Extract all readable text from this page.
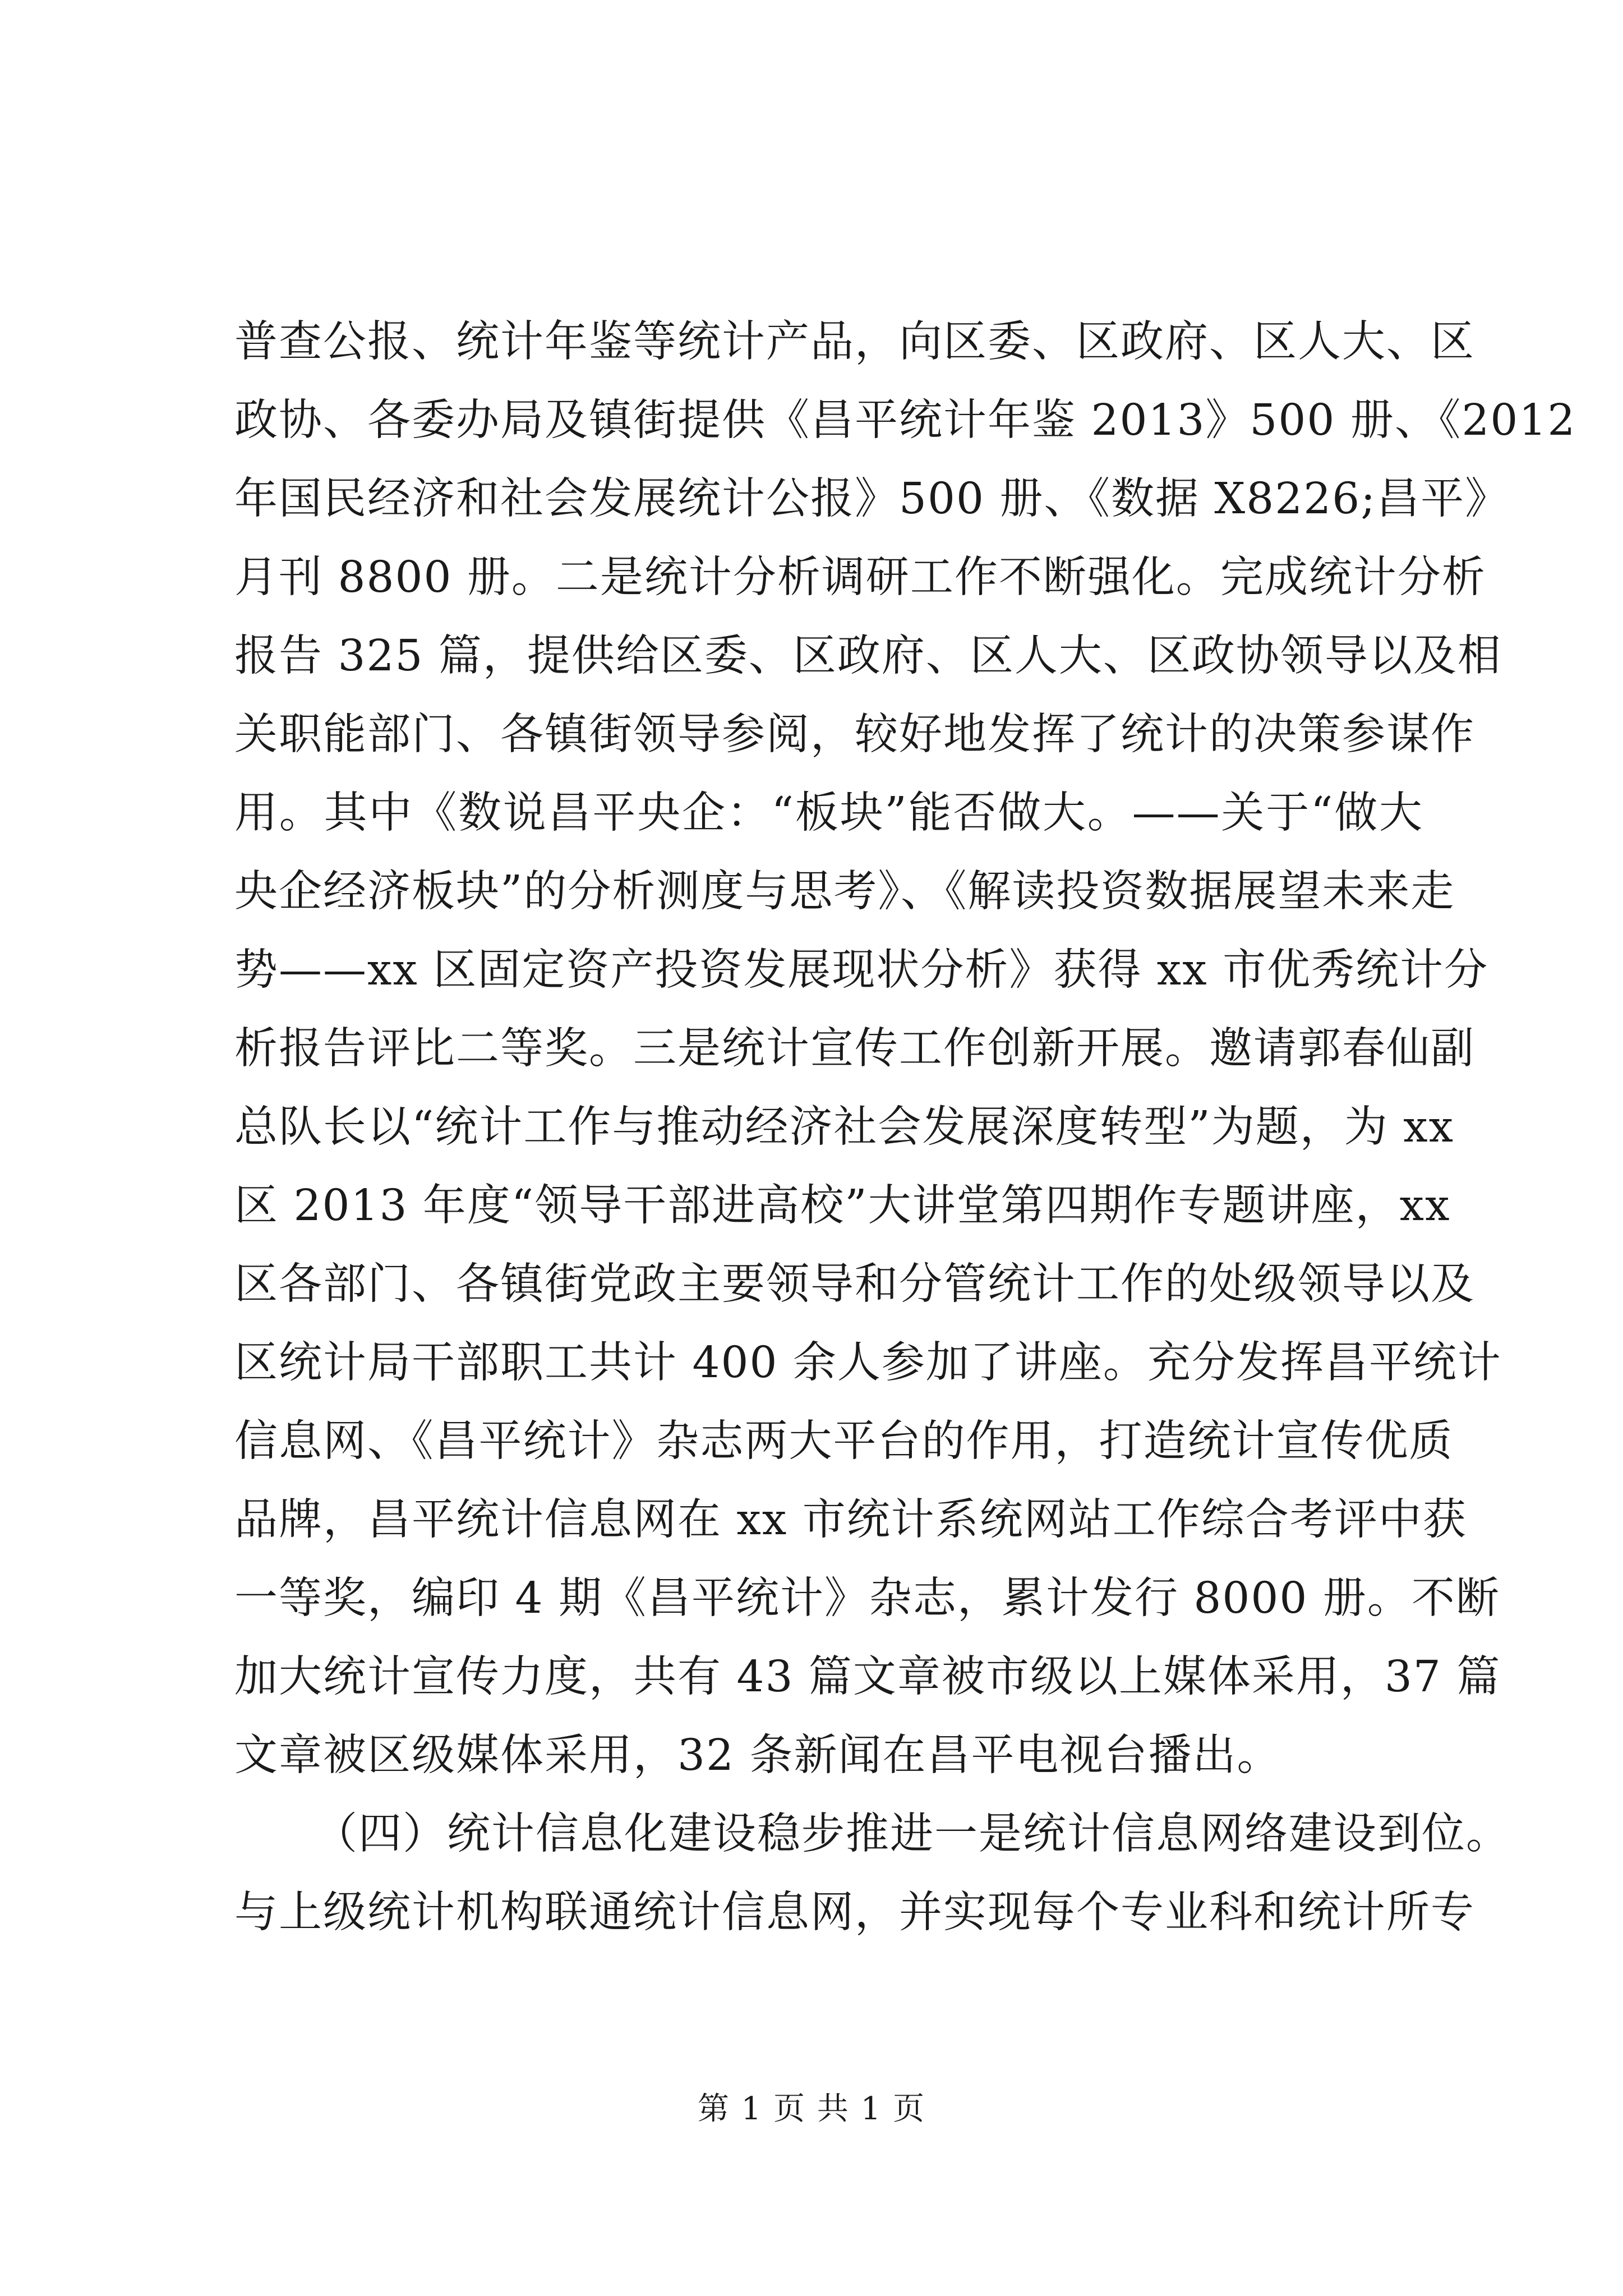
普查公报、统计年鉴等统计产品，向区委、区政府、区人大、区
政协、各委办局及镇街提供《昌平统计年鉴 2013》500 册、《2012
年国民经济和社会发展统计公报》500 册、《数据 X8226;昌平》
月刊 8800 册。二是统计分析调研工作不断强化。完成统计分析
报告 325 篇，提供给区委、区政府、区人大、区政协领导以及相
关职能部门、各镇街领导参阅，较好地发挥了统计的决策参谋作
用。其中《数说昌平央企：“板块”能否做大。——关于“做大
央企经济板块”的分析测度与思考》、《解读投资数据展望未来走
势——xx 区固定资产投资发展现状分析》获得 xx 市优秀统计分
析报告评比二等奖。三是统计宣传工作创新开展。邀请郭春仙副
总队长以“统计工作与推动经济社会发展深度转型”为题，为 xx
区 2013 年度“领导干部进高校”大讲堂第四期作专题讲座，xx
区各部门、各镇街党政主要领导和分管统计工作的处级领导以及
区统计局干部职工共计 400 余人参加了讲座。充分发挥昌平统计
信息网、《昌平统计》杂志两大平台的作用，打造统计宣传优质
品牌，昌平统计信息网在 xx 市统计系统网站工作综合考评中获
一等奖，编印 4 期《昌平统计》杂志，累计发行 8000 册。不断
加大统计宣传力度，共有 43 篇文章被市级以上媒体采用，37 篇
文章被区级媒体采用，32 条新闻在昌平电视台播出。
（四）统计信息化建设稳步推进一是统计信息网络建设到位。
与上级统计机构联通统计信息网，并实现每个专业科和统计所专
第 1 页 共 1 页
